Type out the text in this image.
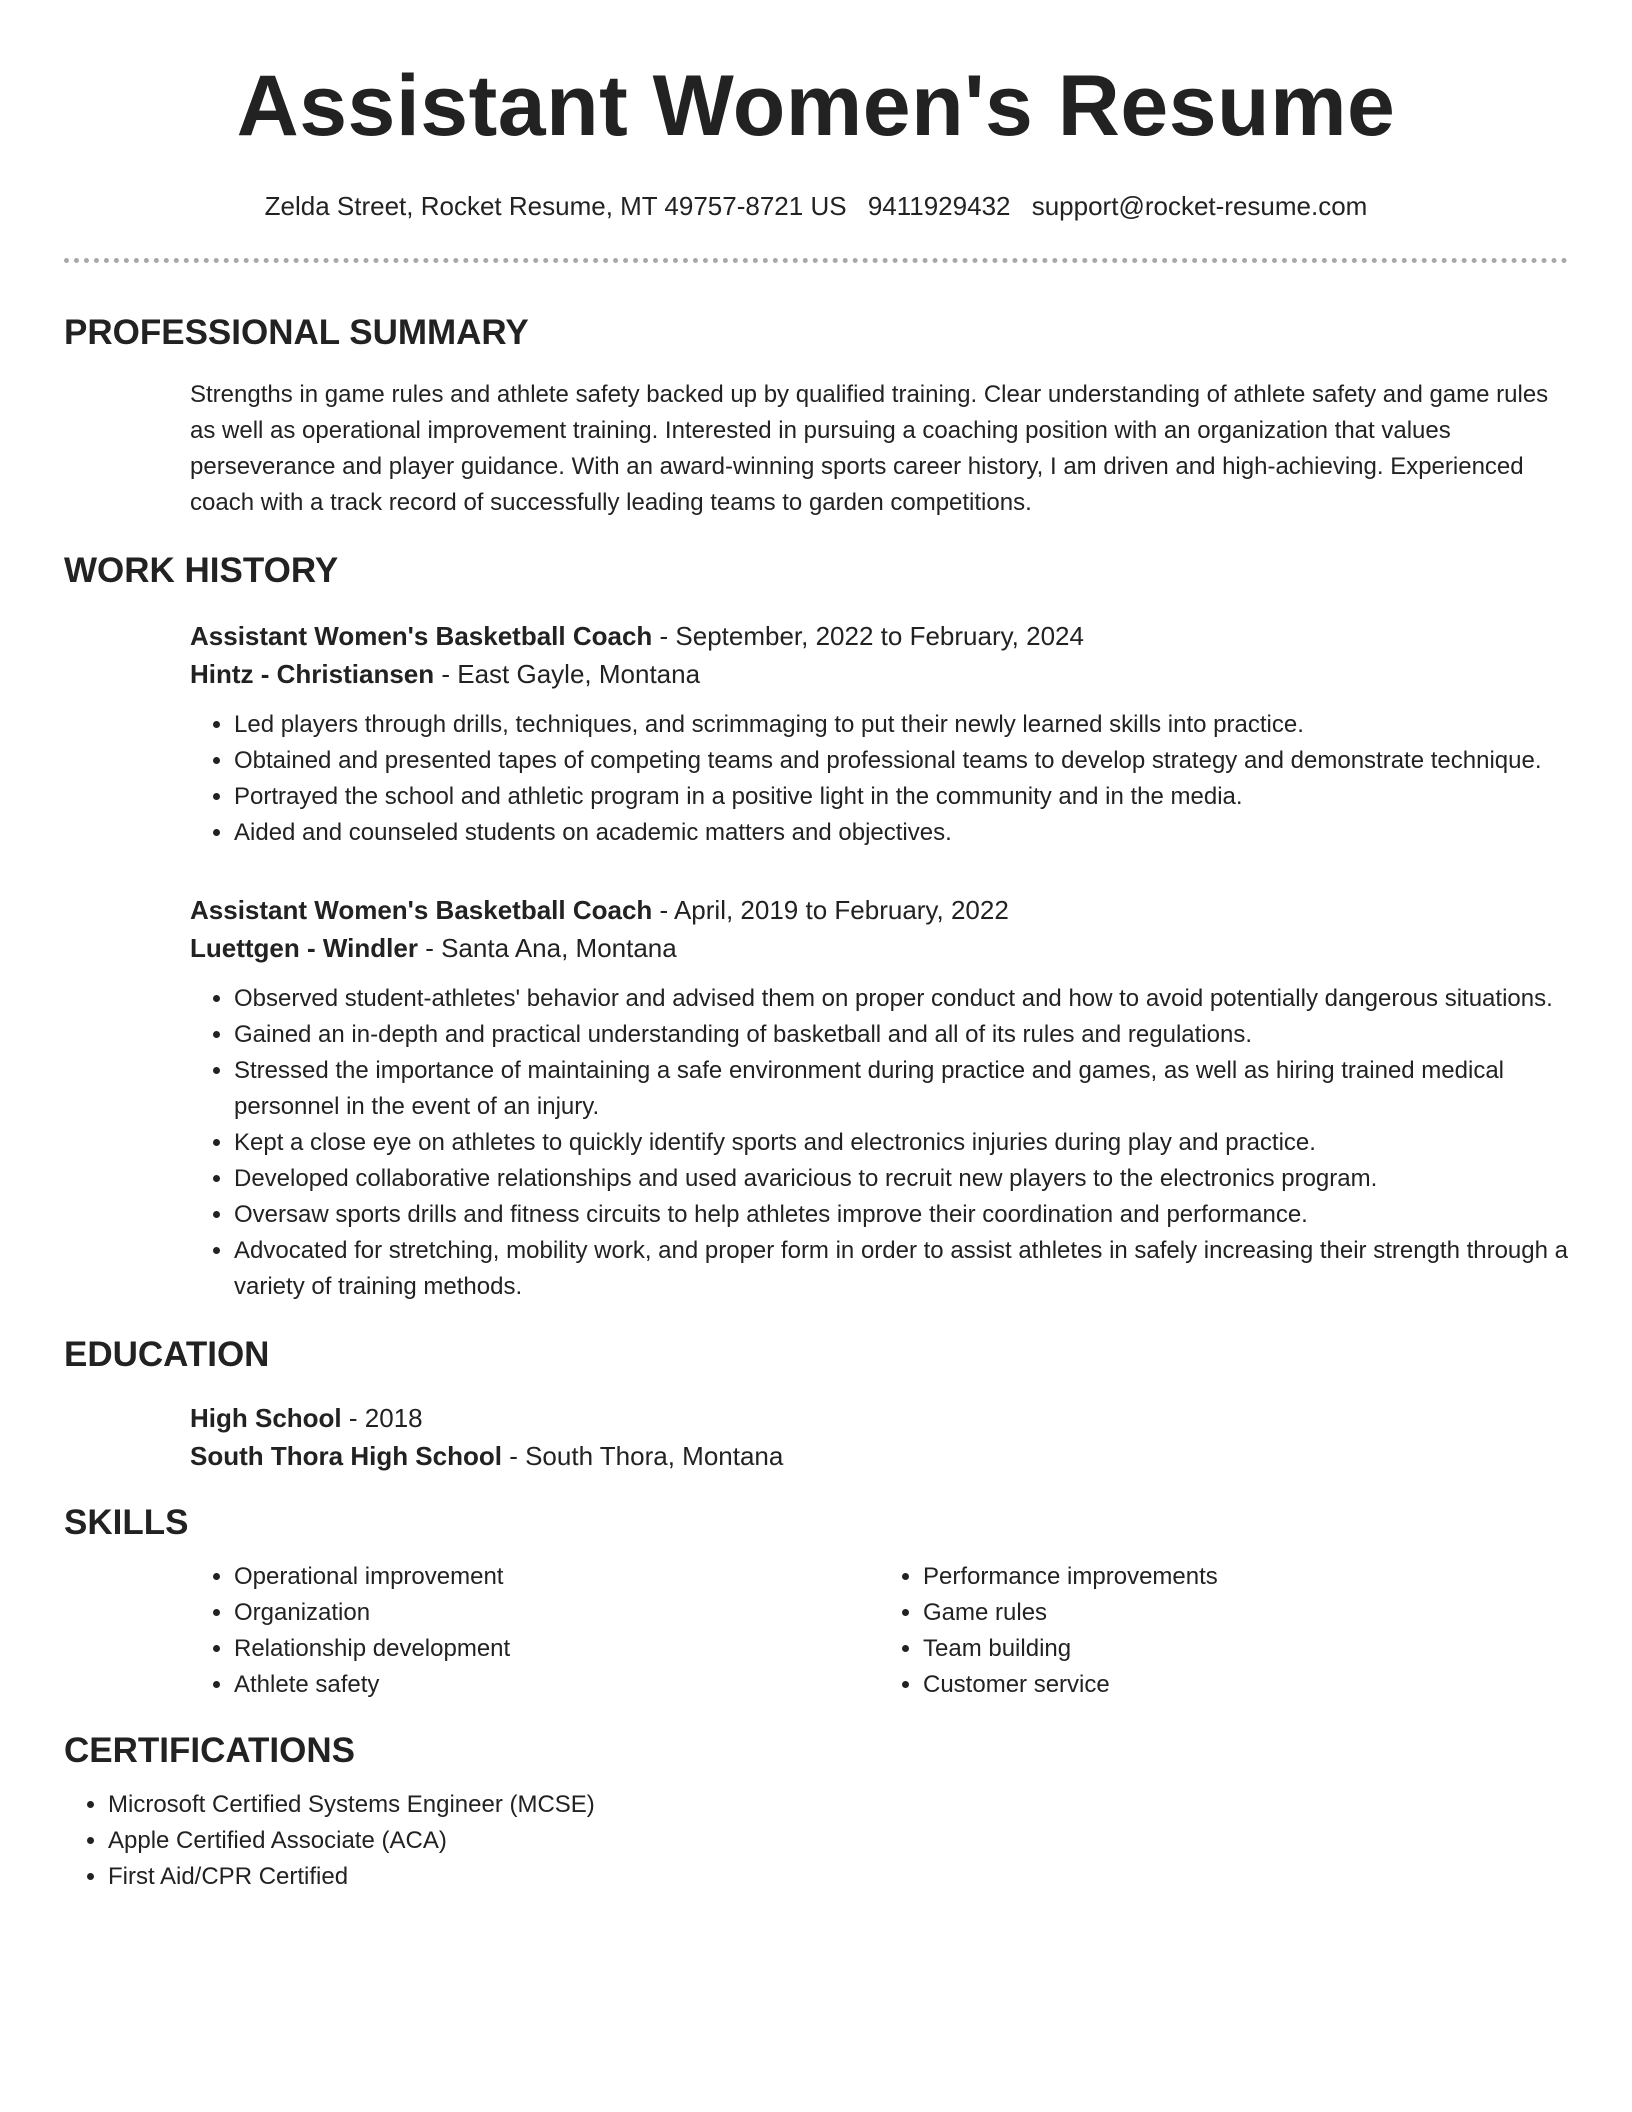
Assistant Women's Resume
Zelda Street, Rocket Resume, MT 49757-8721 US 9411929432 support@rocket-resume.com
PROFESSIONAL SUMMARY
Strengths in game rules and athlete safety backed up by qualified training. Clear understanding of athlete safety and game rules as well as operational improvement training. Interested in pursuing a coaching position with an organization that values perseverance and player guidance. With an award-winning sports career history, I am driven and high-achieving. Experienced coach with a track record of successfully leading teams to garden competitions.
WORK HISTORY
Assistant Women's Basketball Coach - September, 2022 to February, 2024
Hintz - Christiansen - East Gayle, Montana
• Led players through drills, techniques, and scrimmaging to put their newly learned skills into practice.
• Obtained and presented tapes of competing teams and professional teams to develop strategy and demonstrate technique.
• Portrayed the school and athletic program in a positive light in the community and in the media.
• Aided and counseled students on academic matters and objectives.
Assistant Women's Basketball Coach - April, 2019 to February, 2022
Luettgen - Windler - Santa Ana, Montana
• Observed student-athletes' behavior and advised them on proper conduct and how to avoid potentially dangerous situations.
• Gained an in-depth and practical understanding of basketball and all of its rules and regulations.
• Stressed the importance of maintaining a safe environment during practice and games, as well as hiring trained medical personnel in the event of an injury.
• Kept a close eye on athletes to quickly identify sports and electronics injuries during play and practice.
• Developed collaborative relationships and used avaricious to recruit new players to the electronics program.
• Oversaw sports drills and fitness circuits to help athletes improve their coordination and performance.
• Advocated for stretching, mobility work, and proper form in order to assist athletes in safely increasing their strength through a variety of training methods.
EDUCATION
High School - 2018
South Thora High School - South Thora, Montana
SKILLS
• Operational improvement
• Organization
• Relationship development
• Athlete safety
• Performance improvements
• Game rules
• Team building
• Customer service
CERTIFICATIONS
• Microsoft Certified Systems Engineer (MCSE)
• Apple Certified Associate (ACA)
• First Aid/CPR Certified
